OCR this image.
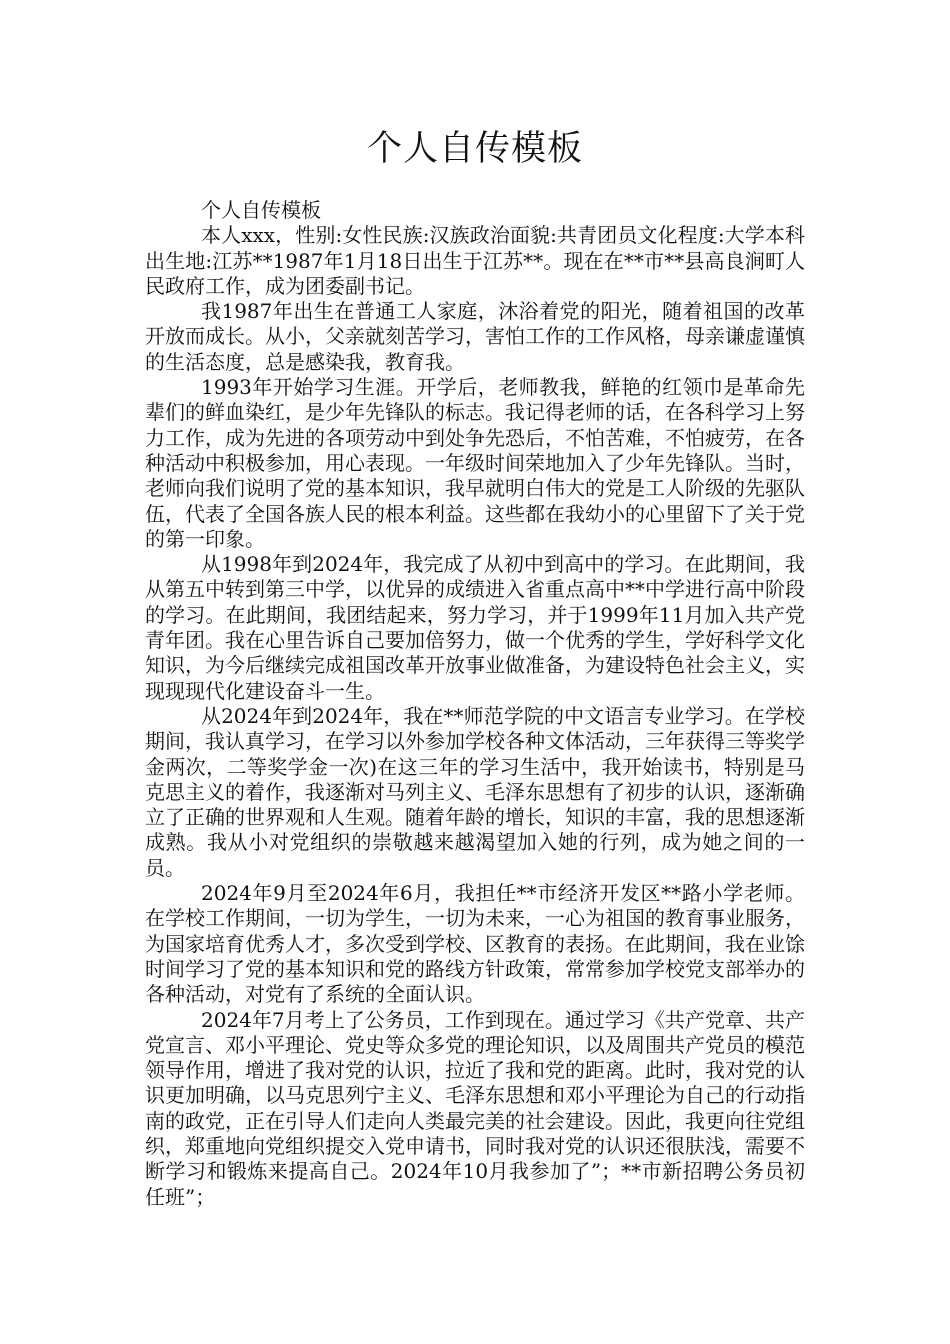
个人自传模板

个人自传模板

本人xxx，性别:女性民族:汉族政治面貌:共青团员文化程度:大学本科出生地:江苏**1987年1月18日出生于江苏**。现在在**市**县高良涧町人民政府工作，成为团委副书记。

我1987年出生在普通工人家庭，沐浴着党的阳光，随着祖国的改革开放而成长。从小，父亲就刻苦学习，害怕工作的工作风格，母亲谦虚谨慎的生活态度，总是感染我，教育我。

1993年开始学习生涯。开学后，老师教我，鲜艳的红领巾是革命先辈们的鲜血染红，是少年先锋队的标志。我记得老师的话，在各科学习上努力工作，成为先进的各项劳动中到处争先恐后，不怕苦难，不怕疲劳，在各种活动中积极参加，用心表现。一年级时间荣地加入了少年先锋队。当时，老师向我们说明了党的基本知识，我早就明白伟大的党是工人阶级的先驱队伍，代表了全国各族人民的根本利益。这些都在我幼小的心里留下了关于党的第一印象。

从1998年到2024年，我完成了从初中到高中的学习。在此期间，我从第五中转到第三中学，以优异的成绩进入省重点高中**中学进行高中阶段的学习。在此期间，我团结起来，努力学习，并于1999年11月加入共产党青年团。我在心里告诉自己要加倍努力，做一个优秀的学生，学好科学文化知识，为今后继续完成祖国改革开放事业做准备，为建设特色社会主义，实现现现代化建设奋斗一生。

从2024年到2024年，我在**师范学院的中文语言专业学习。在学校期间，我认真学习，在学习以外参加学校各种文体活动，三年获得三等奖学金两次，二等奖学金一次)在这三年的学习生活中，我开始读书，特别是马克思主义的着作，我逐渐对马列主义、毛泽东思想有了初步的认识，逐渐确立了正确的世界观和人生观。随着年龄的增长，知识的丰富，我的思想逐渐成熟。我从小对党组织的崇敬越来越渴望加入她的行列，成为她之间的一员。

2024年9月至2024年6月，我担任**市经济开发区**路小学老师。在学校工作期间，一切为学生，一切为未来，一心为祖国的教育事业服务，为国家培育优秀人才，多次受到学校、区教育的表扬。在此期间，我在业馀时间学习了党的基本知识和党的路线方针政策，常常参加学校党支部举办的各种活动，对党有了系统的全面认识。

2024年7月考上了公务员，工作到现在。通过学习《共产党章、共产党宣言、邓小平理论、党史等众多党的理论知识，以及周围共产党员的模范领导作用，增进了我对党的认识，拉近了我和党的距离。此时，我对党的认识更加明确，以马克思列宁主义、毛泽东思想和邓小平理论为自己的行动指南的政党，正在引导人们走向人类最完美的社会建设。因此，我更向往党组织，郑重地向党组织提交入党申请书，同时我对党的认识还很肤浅，需要不断学习和锻炼来提高自己。2024年10月我参加了”；**市新招聘公务员初任班”；
